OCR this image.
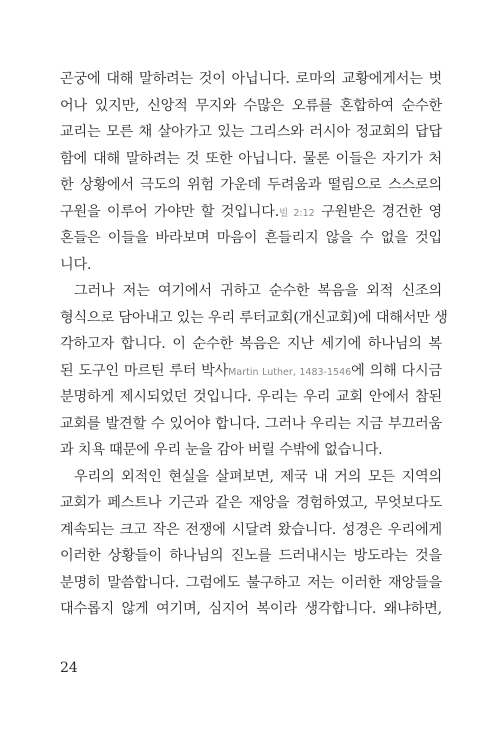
곤궁에 대해 말하려는 것이 아닙니다. 로마의 교황에게서는 벗
어나 있지만, 신앙적 무지와 수많은 오류를 혼합하여 순수한
교리는 모른 채 살아가고 있는 그리스와 러시아 정교회의 답답
함에 대해 말하려는 것 또한 아닙니다. 물론 이들은 자기가 처
한 상황에서 극도의 위험 가운데 두려움과 떨림으로 스스로의
구원을 이루어 가야만 할 것입니다.빌 2:12 구원받은 경건한 영
혼들은 이들을 바라보며 마음이 흔들리지 않을 수 없을 것입
니다.
그러나 저는 여기에서 귀하고 순수한 복음을 외적 신조의
형식으로 담아내고 있는 우리 루터교회(개신교회)에 대해서만 생
각하고자 합니다. 이 순수한 복음은 지난 세기에 하나님의 복
된 도구인 마르틴 루터 박사Martin Luther, 1483-1546에 의해 다시금
분명하게 제시되었던 것입니다. 우리는 우리 교회 안에서 참된
교회를 발견할 수 있어야 합니다. 그러나 우리는 지금 부끄러움
과 치욕 때문에 우리 눈을 감아 버릴 수밖에 없습니다.
우리의 외적인 현실을 살펴보면, 제국 내 거의 모든 지역의
교회가 페스트나 기근과 같은 재앙을 경험하였고, 무엇보다도
계속되는 크고 작은 전쟁에 시달려 왔습니다. 성경은 우리에게
이러한 상황들이 하나님의 진노를 드러내시는 방도라는 것을
분명히 말씀합니다. 그럼에도 불구하고 저는 이러한 재앙들을
대수롭지 않게 여기며, 심지어 복이라 생각합니다. 왜냐하면,
24
